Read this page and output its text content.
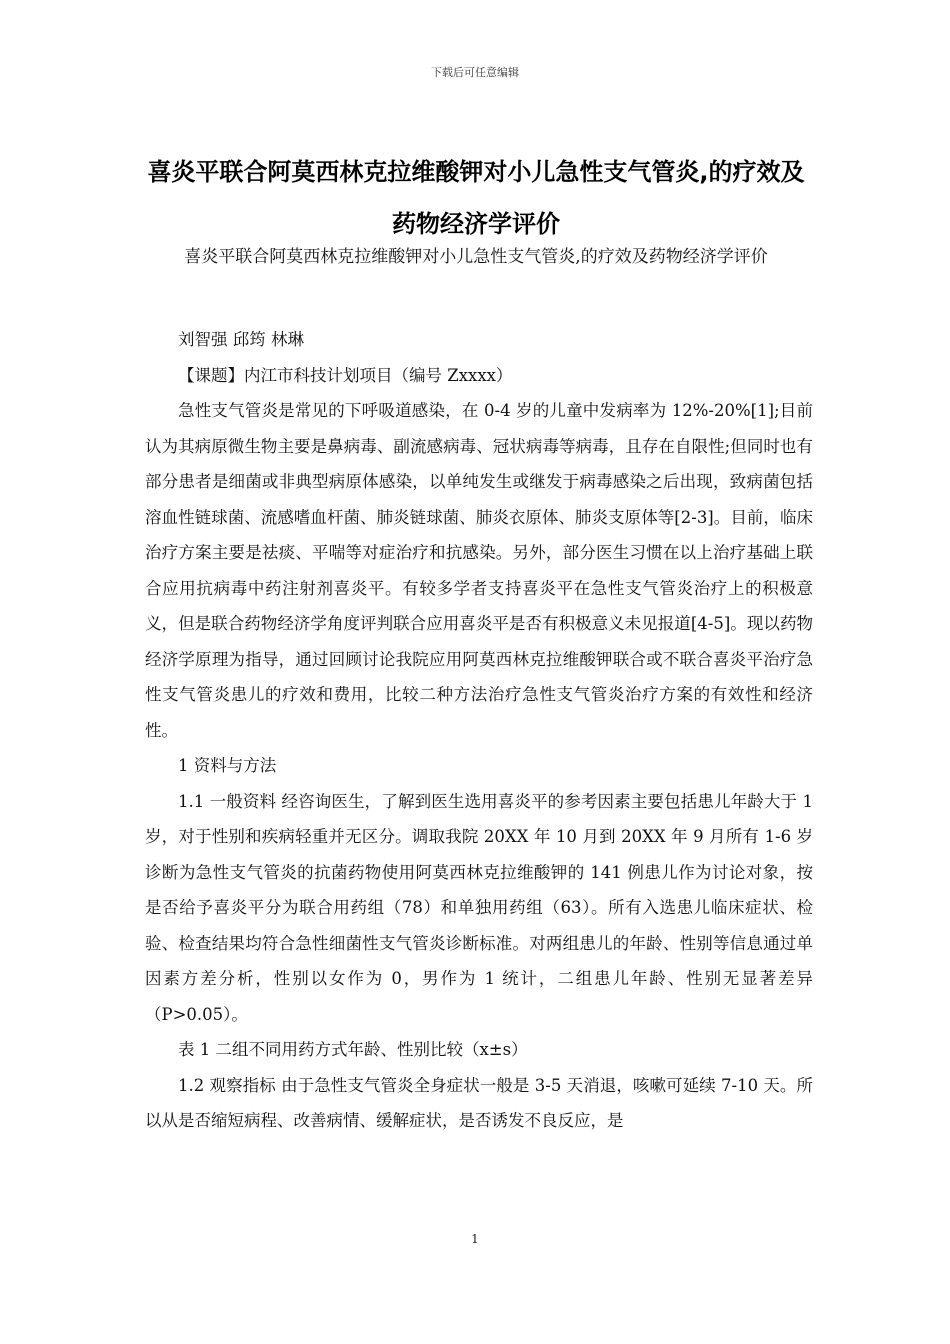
下载后可任意编辑
喜炎平联合阿莫西林克拉维酸钾对小儿急性支气管炎,的疗效及药物经济学评价
喜炎平联合阿莫西林克拉维酸钾对小儿急性支气管炎,的疗效及药物经济学评价

刘智强 邱筠 林琳

【课题】内江市科技计划项目（编号 Zxxxx）

急性支气管炎是常见的下呼吸道感染，在 0-4 岁的儿童中发病率为 12%-20%[1];目前认为其病原微生物主要是鼻病毒、副流感病毒、冠状病毒等病毒，且存在自限性;但同时也有部分患者是细菌或非典型病原体感染，以单纯发生或继发于病毒感染之后出现，致病菌包括溶血性链球菌、流感嗜血杆菌、肺炎链球菌、肺炎衣原体、肺炎支原体等[2-3]。目前，临床治疗方案主要是祛痰、平喘等对症治疗和抗感染。另外，部分医生习惯在以上治疗基础上联合应用抗病毒中药注射剂喜炎平。有较多学者支持喜炎平在急性支气管炎治疗上的积极意义，但是联合药物经济学角度评判联合应用喜炎平是否有积极意义未见报道[4-5]。现以药物经济学原理为指导，通过回顾讨论我院应用阿莫西林克拉维酸钾联合或不联合喜炎平治疗急性支气管炎患儿的疗效和费用，比较二种方法治疗急性支气管炎治疗方案的有效性和经济性。

1 资料与方法

1.1 一般资料 经咨询医生，了解到医生选用喜炎平的参考因素主要包括患儿年龄大于 1 岁，对于性别和疾病轻重并无区分。调取我院 20XX 年 10 月到 20XX 年 9 月所有 1-6 岁诊断为急性支气管炎的抗菌药物使用阿莫西林克拉维酸钾的 141 例患儿作为讨论对象，按是否给予喜炎平分为联合用药组（78）和单独用药组（63）。所有入选患儿临床症状、检验、检查结果均符合急性细菌性支气管炎诊断标准。对两组患儿的年龄、性别等信息通过单因素方差分析，性别以女作为 0，男作为 1 统计，二组患儿年龄、性别无显著差异（P>0.05）。

表 1 二组不同用药方式年龄、性别比较（x±s）

1.2 观察指标 由于急性支气管炎全身症状一般是 3-5 天消退，咳嗽可延续 7-10 天。所以从是否缩短病程、改善病情、缓解症状，是否诱发不良反应，是

1
